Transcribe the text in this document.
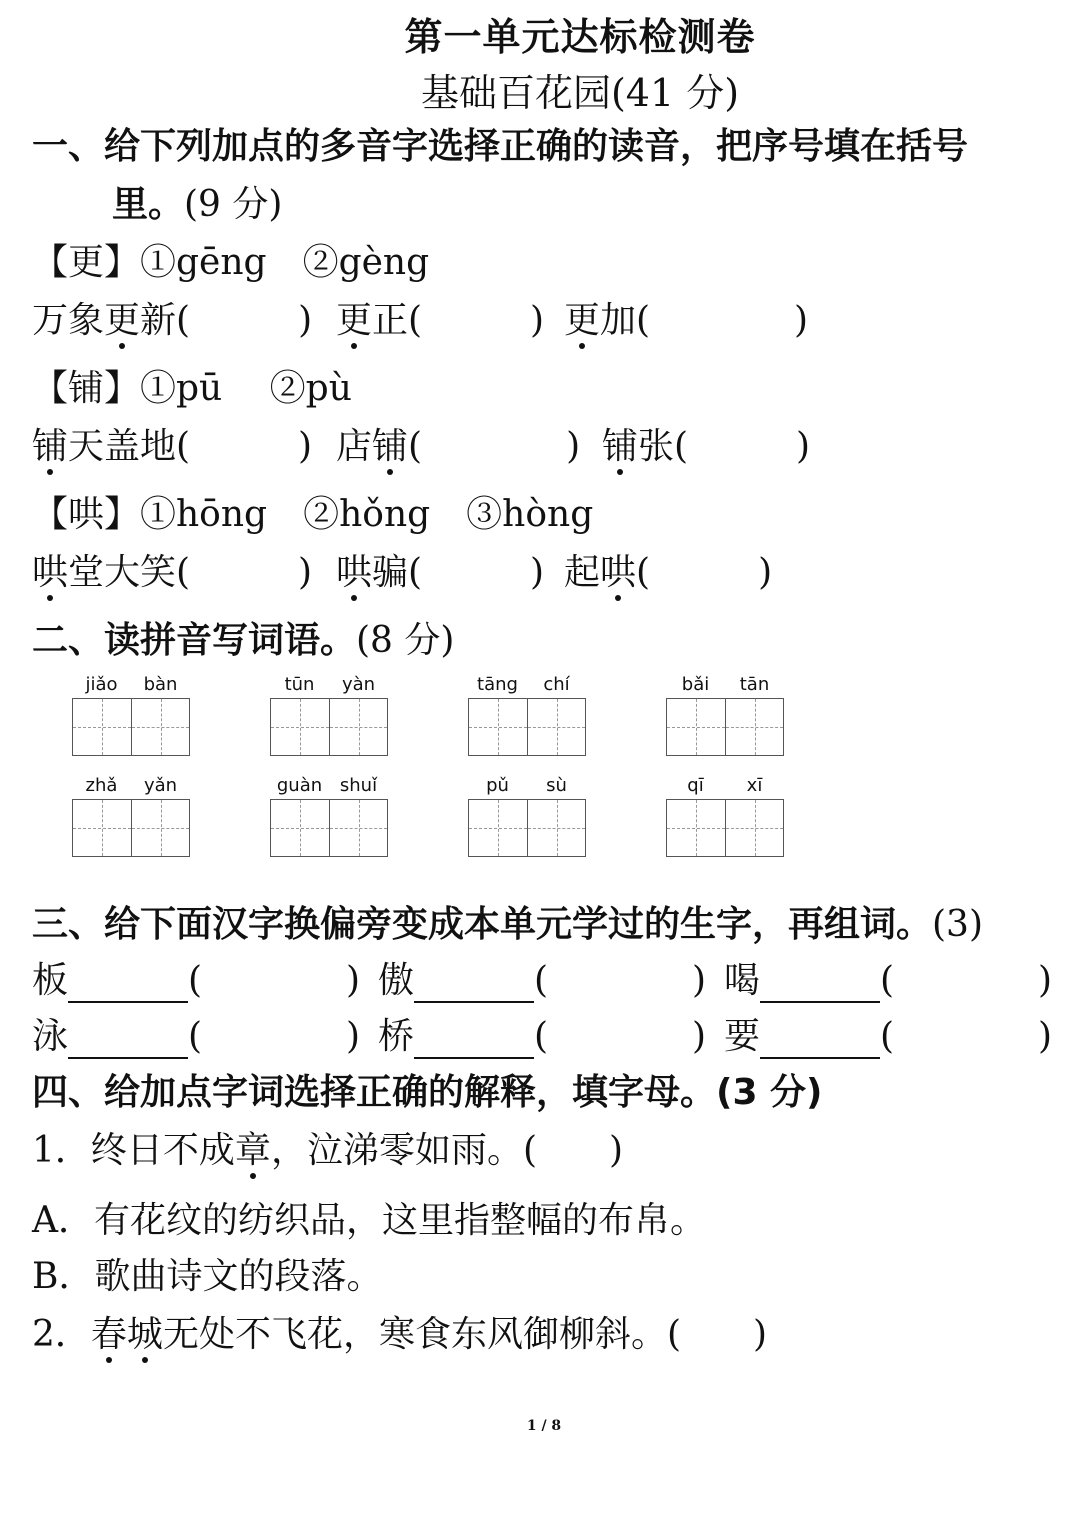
第一单元达标检测卷
基础百花园(41 分)
一、给下列加点的多音字选择正确的读音，把序号填在括号
里。(9 分)
【更】①gēng　②gèng
万象更新(　　　) 更正(　　　) 更加(　　　　)
【铺】①pū　 ②pù
铺天盖地(　　　) 店铺(　　　　) 铺张(　　　)
【哄】①hōng　②hǒng　③hòng
哄堂大笑(　　　) 哄骗(　　　) 起哄(　　　)
二、读拼音写词语。(8 分)
jiǎo	bàn	tūn	yàn	tāng	chí	bǎi	tān
zhǎ	yǎn	guàn shuǐ	pǔ	sù	qī	xī
三、给下面汉字换偏旁变成本单元学过的生字，再组词。(3)
板	(　　　　) 傲	(　　　　) 喝	(　　　　)
泳	(　　　　) 桥	(　　　　) 要	(　　　　)
四、给加点字词选择正确的解释，填字母。(3 分)
1．终日不成章，泣涕零如雨。(　　)
A．有花纹的纺织品，这里指整幅的布帛。
B．歌曲诗文的段落。
2．春城无处不飞花，寒食东风御柳斜。(　　)
1 / 8
